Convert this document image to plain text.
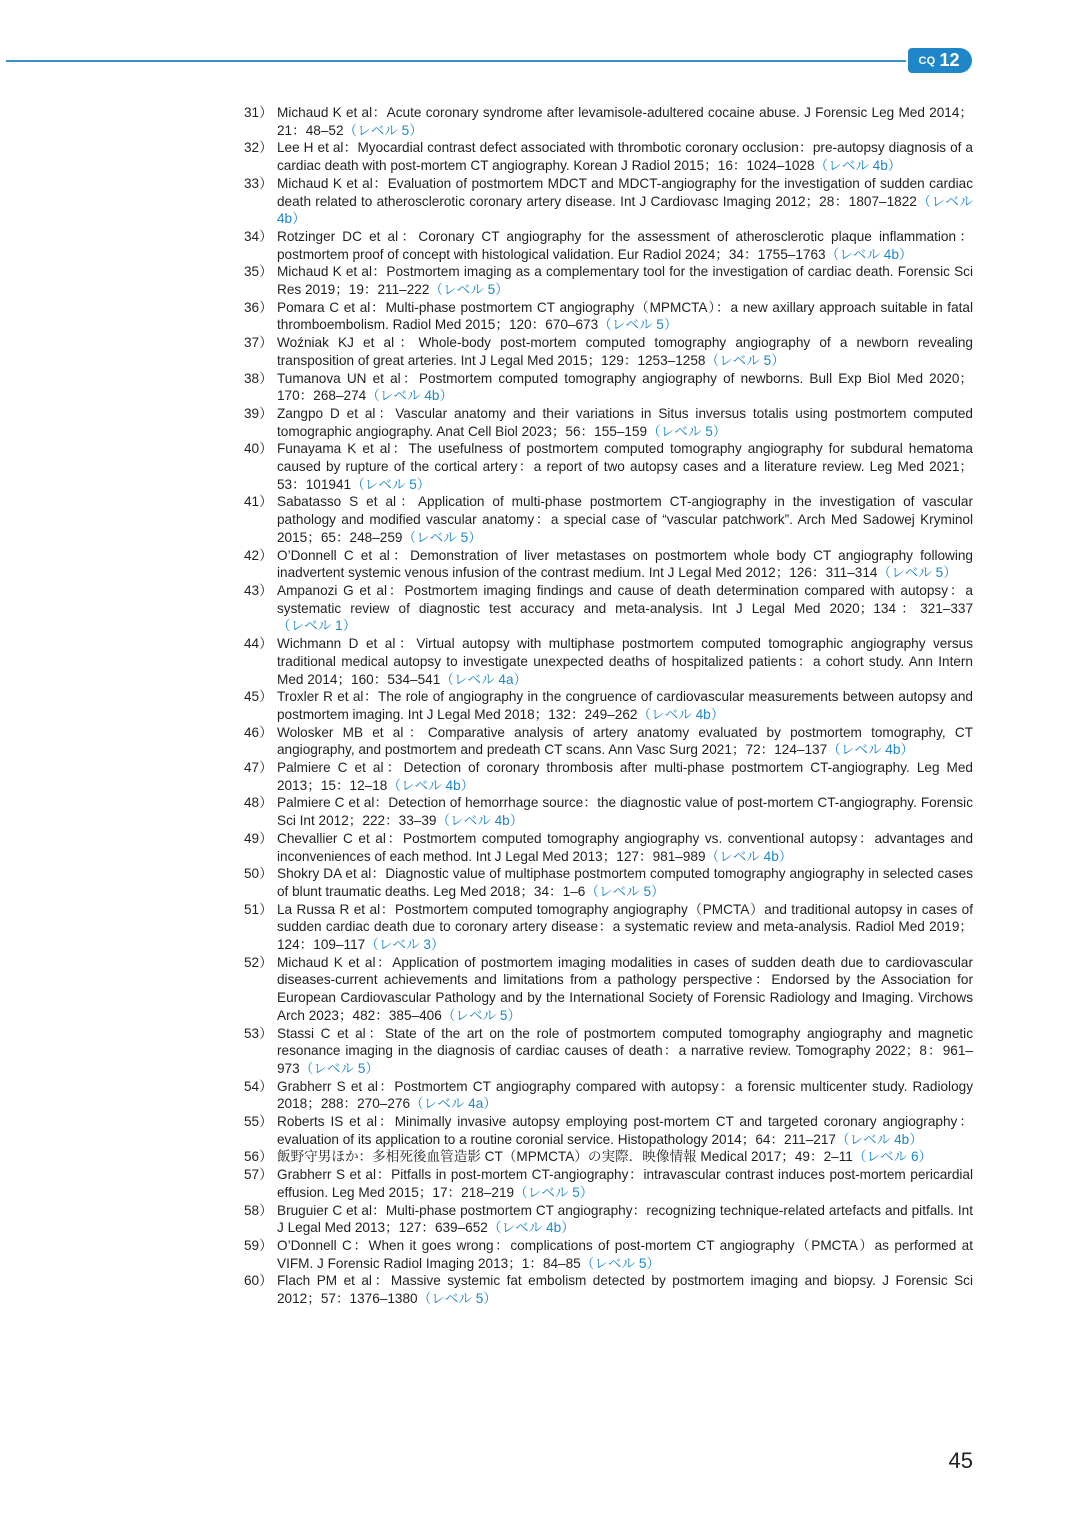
CQ 12
31） Michaud K et al：Acute coronary syndrome after levamisole-adultered cocaine abuse. J Forensic Leg Med 2014；21：48–52（レベル 5）
32） Lee H et al：Myocardial contrast defect associated with thrombotic coronary occlusion：pre-autopsy diagnosis of a cardiac death with post-mortem CT angiography. Korean J Radiol 2015；16：1024–1028（レベル 4b）
33） Michaud K et al：Evaluation of postmortem MDCT and MDCT-angiography for the investigation of sudden cardiac death related to atherosclerotic coronary artery disease. Int J Cardiovasc Imaging 2012；28：1807–1822（レベル 4b）
34） Rotzinger DC et al：Coronary CT angiography for the assessment of atherosclerotic plaque inflammation：postmortem proof of concept with histological validation. Eur Radiol 2024；34：1755–1763（レベル 4b）
35） Michaud K et al：Postmortem imaging as a complementary tool for the investigation of cardiac death. Forensic Sci Res 2019；19：211–222（レベル 5）
36） Pomara C et al：Multi-phase postmortem CT angiography（MPMCTA）：a new axillary approach suitable in fatal thromboembolism. Radiol Med 2015；120：670–673（レベル 5）
37） Woźniak KJ et al：Whole-body post-mortem computed tomography angiography of a newborn revealing transposition of great arteries. Int J Legal Med 2015；129：1253–1258（レベル 5）
38） Tumanova UN et al：Postmortem computed tomography angiography of newborns. Bull Exp Biol Med 2020；170：268–274（レベル 4b）
39） Zangpo D et al：Vascular anatomy and their variations in Situs inversus totalis using postmortem computed tomographic angiography. Anat Cell Biol 2023；56：155–159（レベル 5）
40） Funayama K et al：The usefulness of postmortem computed tomography angiography for subdural hematoma caused by rupture of the cortical artery：a report of two autopsy cases and a literature review. Leg Med 2021；53：101941（レベル 5）
41） Sabatasso S et al：Application of multi-phase postmortem CT-angiography in the investigation of vascular pathology and modified vascular anatomy：a special case of “vascular patchwork”. Arch Med Sadowej Kryminol 2015；65：248–259（レベル 5）
42） O’Donnell C et al：Demonstration of liver metastases on postmortem whole body CT angiography following inadvertent systemic venous infusion of the contrast medium. Int J Legal Med 2012；126：311–314（レベル 5）
43） Ampanozi G et al：Postmortem imaging findings and cause of death determination compared with autopsy：a systematic review of diagnostic test accuracy and meta-analysis. Int J Legal Med 2020；134：321–337（レベル 1）
44） Wichmann D et al：Virtual autopsy with multiphase postmortem computed tomographic angiography versus traditional medical autopsy to investigate unexpected deaths of hospitalized patients：a cohort study. Ann Intern Med 2014；160：534–541（レベル 4a）
45） Troxler R et al：The role of angiography in the congruence of cardiovascular measurements between autopsy and postmortem imaging. Int J Legal Med 2018；132：249–262（レベル 4b）
46） Wolosker MB et al：Comparative analysis of artery anatomy evaluated by postmortem tomography, CT angiography, and postmortem and predeath CT scans. Ann Vasc Surg 2021；72：124–137（レベル 4b）
47） Palmiere C et al：Detection of coronary thrombosis after multi-phase postmortem CT-angiography. Leg Med 2013；15：12–18（レベル 4b）
48） Palmiere C et al：Detection of hemorrhage source：the diagnostic value of post-mortem CT-angiography. Forensic Sci Int 2012；222：33–39（レベル 4b）
49） Chevallier C et al：Postmortem computed tomography angiography vs. conventional autopsy：advantages and inconveniences of each method. Int J Legal Med 2013；127：981–989（レベル 4b）
50） Shokry DA et al：Diagnostic value of multiphase postmortem computed tomography angiography in selected cases of blunt traumatic deaths. Leg Med 2018；34：1–6（レベル 5）
51） La Russa R et al：Postmortem computed tomography angiography（PMCTA）and traditional autopsy in cases of sudden cardiac death due to coronary artery disease：a systematic review and meta-analysis. Radiol Med 2019；124：109–117（レベル 3）
52） Michaud K et al：Application of postmortem imaging modalities in cases of sudden death due to cardiovascular diseases-current achievements and limitations from a pathology perspective：Endorsed by the Association for European Cardiovascular Pathology and by the International Society of Forensic Radiology and Imaging. Virchows Arch 2023；482：385–406（レベル 5）
53） Stassi C et al：State of the art on the role of postmortem computed tomography angiography and magnetic resonance imaging in the diagnosis of cardiac causes of death：a narrative review. Tomography 2022；8：961–973（レベル 5）
54） Grabherr S et al：Postmortem CT angiography compared with autopsy：a forensic multicenter study. Radiology 2018；288：270–276（レベル 4a）
55） Roberts IS et al：Minimally invasive autopsy employing post-mortem CT and targeted coronary angiography：evaluation of its application to a routine coronial service. Histopathology 2014；64：211–217（レベル 4b）
56） 飯野守男ほか：多相死後血管造影 CT（MPMCTA）の実際．映像情報 Medical 2017；49：2–11（レベル 6）
57） Grabherr S et al：Pitfalls in post-mortem CT-angiography：intravascular contrast induces post-mortem pericardial effusion. Leg Med 2015；17：218–219（レベル 5）
58） Bruguier C et al：Multi-phase postmortem CT angiography：recognizing technique-related artefacts and pitfalls. Int J Legal Med 2013；127：639–652（レベル 4b）
59） O’Donnell C：When it goes wrong：complications of post-mortem CT angiography（PMCTA）as performed at VIFM. J Forensic Radiol Imaging 2013；1：84–85（レベル 5）
60） Flach PM et al：Massive systemic fat embolism detected by postmortem imaging and biopsy. J Forensic Sci 2012；57：1376–1380（レベル 5）
45
